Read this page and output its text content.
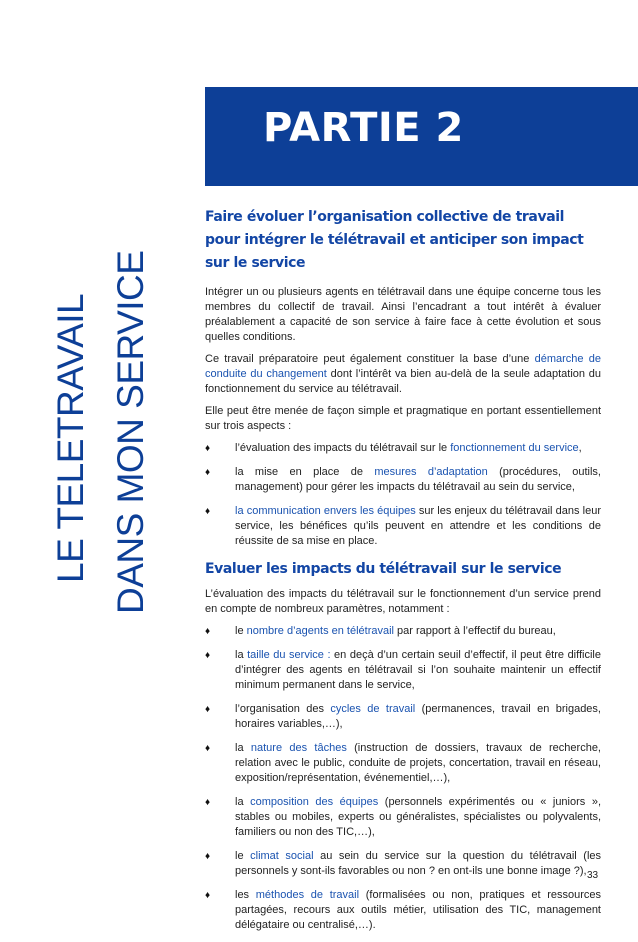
PARTIE 2
LE TELETRAVAIL DANS MON SERVICE
Faire évoluer l’organisation collective de travail pour intégrer le télétravail et anticiper son impact sur le service

Intégrer un ou plusieurs agents en télétravail dans une équipe concerne tous les membres du collectif de travail. Ainsi l’encadrant a tout intérêt à évaluer préalablement a capacité de son service à faire face à cette évolution et sous quelles conditions.

Ce travail préparatoire peut également constituer la base d’une démarche de conduite du changement dont l’intérêt va bien au-delà de la seule adaptation du fonctionnement du service au télétravail.

Elle peut être menée de façon simple et pragmatique en portant essentiellement sur trois aspects :

♦ l’évaluation des impacts du télétravail sur le fonctionnement du service,
♦ la mise en place de mesures d’adaptation (procédures, outils, management) pour gérer les impacts du télétravail au sein du service,
♦ la communication envers les équipes sur les enjeux du télétravail dans leur service, les bénéfices qu’ils peuvent en attendre et les conditions de réussite de sa mise en place.
Evaluer les impacts du télétravail sur le service

L’évaluation des impacts du télétravail sur le fonctionnement d’un service prend en compte de nombreux paramètres, notamment :

♦ le nombre d’agents en télétravail par rapport à l’effectif du bureau,
♦ la taille du service : en deçà d’un certain seuil d’effectif, il peut être difficile d’intégrer des agents en télétravail si l’on souhaite maintenir un effectif minimum permanent dans le service,
♦ l’organisation des cycles de travail (permanences, travail en brigades, horaires variables,…),
♦ la nature des tâches (instruction de dossiers, travaux de recherche, relation avec le public, conduite de projets, concertation, travail en réseau, exposition/représentation, événementiel,…),
♦ la composition des équipes (personnels expérimentés ou « juniors », stables ou mobiles, experts ou généralistes, spécialistes ou polyvalents, familiers ou non des TIC,…),
♦ le climat social au sein du service sur la question du télétravail (les personnels y sont-ils favorables ou non ? en ont-ils une bonne image ?),
♦ les méthodes de travail (formalisées ou non, pratiques et ressources partagées, recours aux outils métier, utilisation des TIC, management délégataire ou centralisé,…).
33
